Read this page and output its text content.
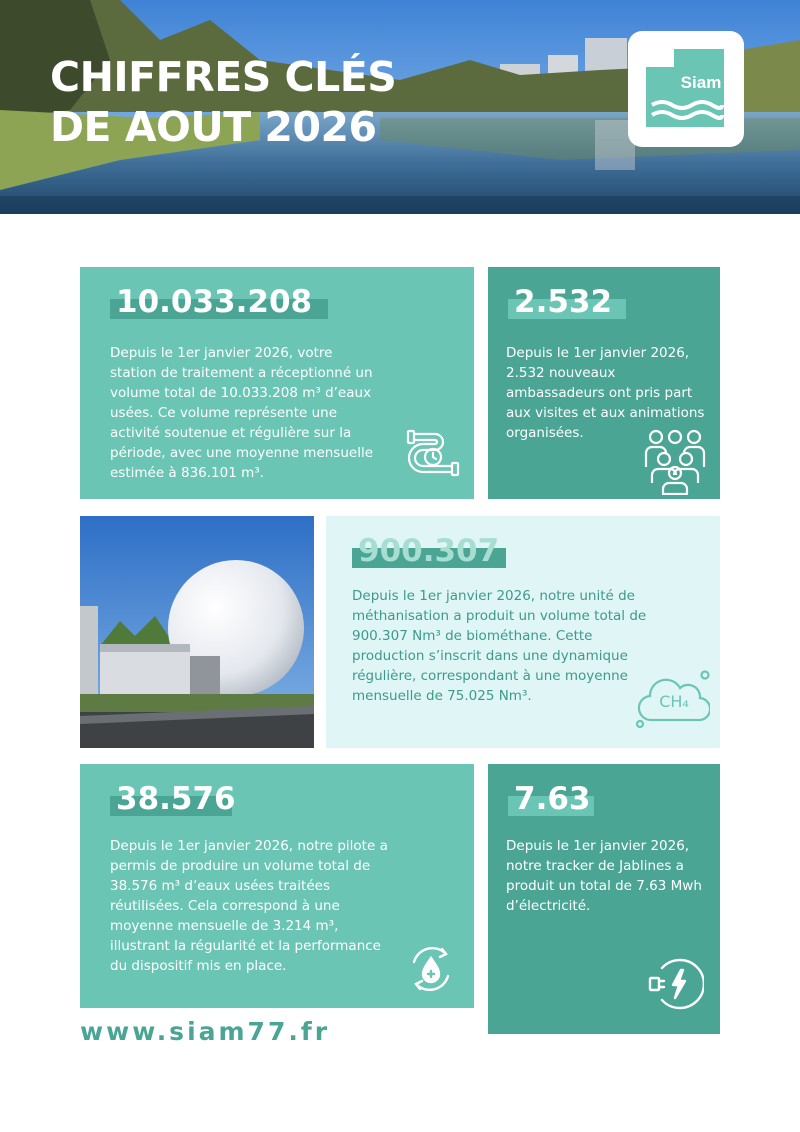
CHIFFRES CLÉS
DE AOUT 2026
Siam
10.033.208
Depuis le 1er janvier 2026, votre station de traitement a réceptionné un volume total de 10.033.208 m³ d’eaux usées. Ce volume représente une activité soutenue et régulière sur la période, avec une moyenne mensuelle estimée à 836.101 m³.
2.532
Depuis le 1er janvier 2026, 2.532 nouveaux ambassadeurs ont pris part aux visites et aux animations organisées.
900.307
Depuis le 1er janvier 2026, notre unité de méthanisation a produit un volume total de 900.307 Nm³ de biométhane. Cette production s’inscrit dans une dynamique régulière, correspondant à une moyenne mensuelle de 75.025 Nm³.	CH₄
38.576
Depuis le 1er janvier 2026, notre pilote a permis de produire un volume total de 38.576 m³ d’eaux usées traitées réutilisées. Cela correspond à une moyenne mensuelle de 3.214 m³, illustrant la régularité et la performance du dispositif mis en place.
7.63
Depuis le 1er janvier 2026, notre tracker de Jablines a produit un total de 7.63 Mwh d’électricité.
www.siam77.fr
